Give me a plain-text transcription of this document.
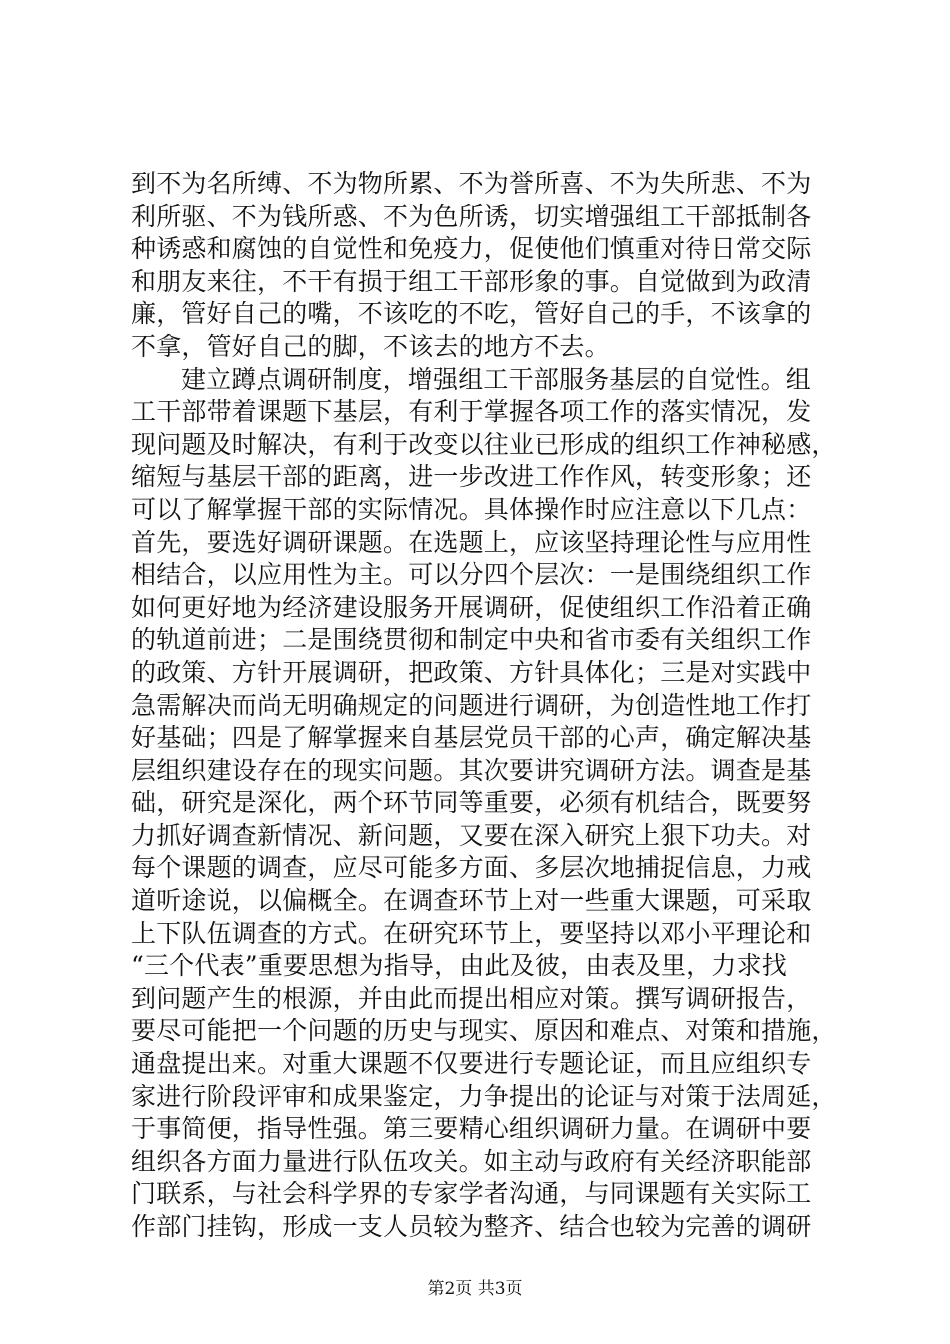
到不为名所缚、不为物所累、不为誉所喜、不为失所悲、不为
利所驱、不为钱所惑、不为色所诱，切实增强组工干部抵制各
种诱惑和腐蚀的自觉性和免疫力，促使他们慎重对待日常交际
和朋友来往，不干有损于组工干部形象的事。自觉做到为政清
廉，管好自己的嘴，不该吃的不吃，管好自己的手，不该拿的
不拿，管好自己的脚，不该去的地方不去。
建立蹲点调研制度，增强组工干部服务基层的自觉性。组
工干部带着课题下基层，有利于掌握各项工作的落实情况，发
现问题及时解决，有利于改变以往业已形成的组织工作神秘感，
缩短与基层干部的距离，进一步改进工作作风，转变形象；还
可以了解掌握干部的实际情况。具体操作时应注意以下几点：
首先，要选好调研课题。在选题上，应该坚持理论性与应用性
相结合，以应用性为主。可以分四个层次：一是围绕组织工作
如何更好地为经济建设服务开展调研，促使组织工作沿着正确
的轨道前进；二是围绕贯彻和制定中央和省市委有关组织工作
的政策、方针开展调研，把政策、方针具体化；三是对实践中
急需解决而尚无明确规定的问题进行调研，为创造性地工作打
好基础；四是了解掌握来自基层党员干部的心声，确定解决基
层组织建设存在的现实问题。其次要讲究调研方法。调查是基
础，研究是深化，两个环节同等重要，必须有机结合，既要努
力抓好调查新情况、新问题，又要在深入研究上狠下功夫。对
每个课题的调查，应尽可能多方面、多层次地捕捉信息，力戒
道听途说，以偏概全。在调查环节上对一些重大课题，可采取
上下队伍调查的方式。在研究环节上，要坚持以邓小平理论和
“三个代表”重要思想为指导，由此及彼，由表及里，力求找
到问题产生的根源，并由此而提出相应对策。撰写调研报告，
要尽可能把一个问题的历史与现实、原因和难点、对策和措施，
通盘提出来。对重大课题不仅要进行专题论证，而且应组织专
家进行阶段评审和成果鉴定，力争提出的论证与对策于法周延，
于事简便，指导性强。第三要精心组织调研力量。在调研中要
组织各方面力量进行队伍攻关。如主动与政府有关经济职能部
门联系，与社会科学界的专家学者沟通，与同课题有关实际工
作部门挂钩，形成一支人员较为整齐、结合也较为完善的调研
第2页 共3页
